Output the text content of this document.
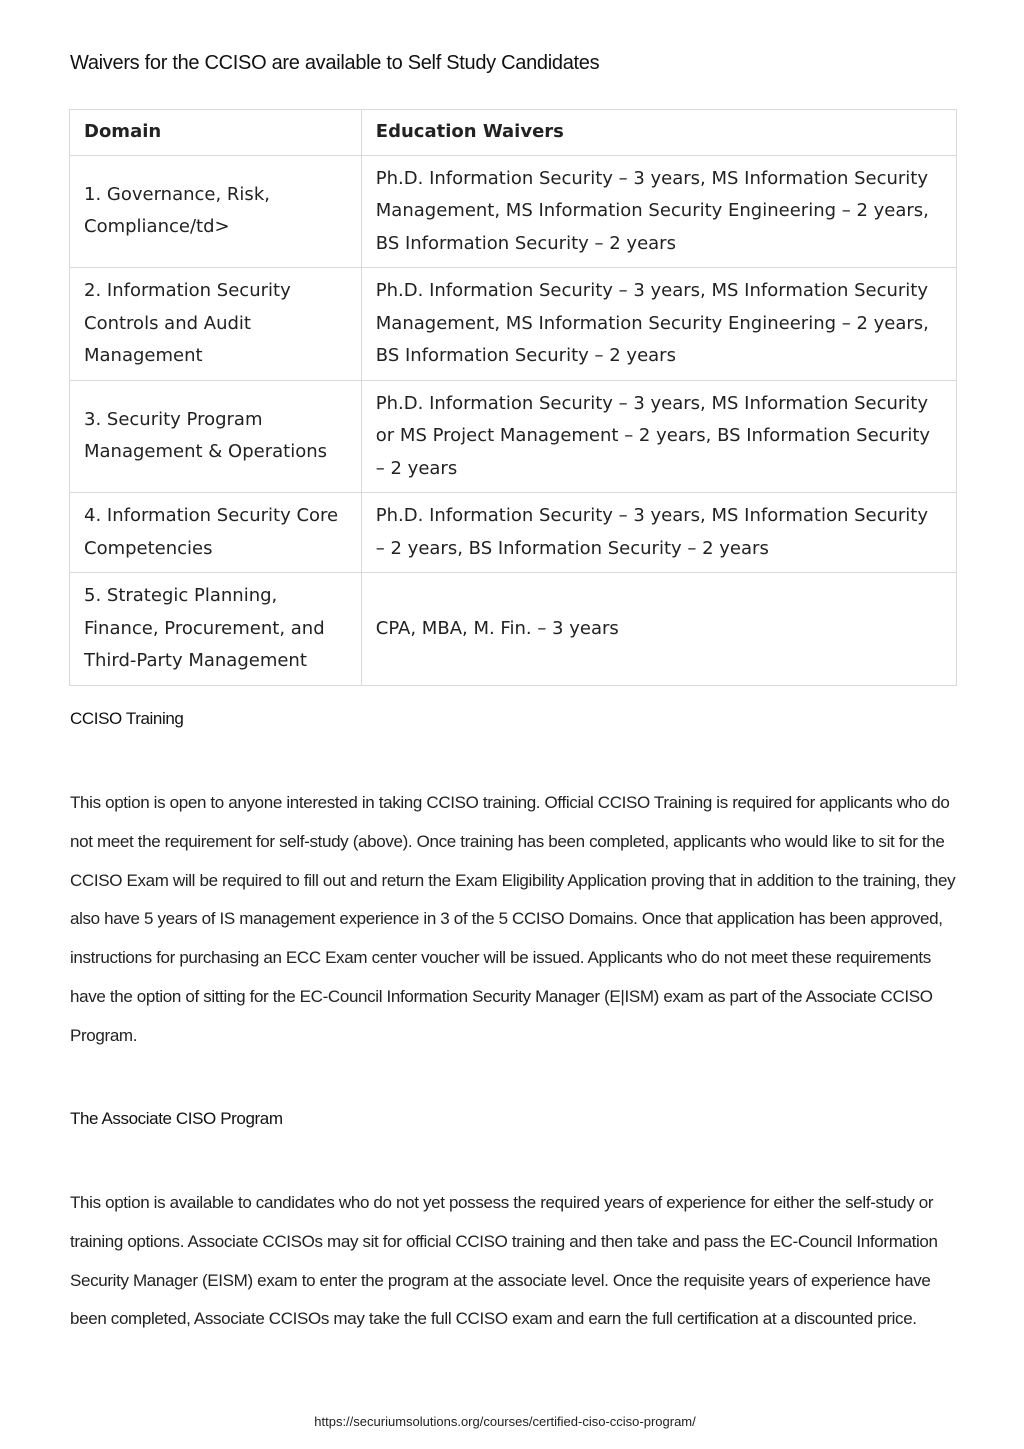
Waivers for the CCISO are available to Self Study Candidates
Domain	Education Waivers
1. Governance, Risk, Compliance/td>	Ph.D. Information Security – 3 years, MS Information Security Management, MS Information Security Engineering – 2 years, BS Information Security – 2 years
2. Information Security Controls and Audit Management	Ph.D. Information Security – 3 years, MS Information Security Management, MS Information Security Engineering – 2 years, BS Information Security – 2 years
3. Security Program Management & Operations	Ph.D. Information Security – 3 years, MS Information Security or MS Project Management – 2 years, BS Information Security – 2 years
4. Information Security Core Competencies	Ph.D. Information Security – 3 years, MS Information Security – 2 years, BS Information Security – 2 years
5. Strategic Planning, Finance, Procurement, and Third-Party Management	CPA, MBA, M. Fin. – 3 years
CCISO Training

This option is open to anyone interested in taking CCISO training. Official CCISO Training is required for applicants who do not meet the requirement for self-study (above). Once training has been completed, applicants who would like to sit for the CCISO Exam will be required to fill out and return the Exam Eligibility Application proving that in addition to the training, they also have 5 years of IS management experience in 3 of the 5 CCISO Domains. Once that application has been approved, instructions for purchasing an ECC Exam center voucher will be issued. Applicants who do not meet these requirements have the option of sitting for the EC-Council Information Security Manager (E|ISM) exam as part of the Associate CCISO Program.

The Associate CISO Program

This option is available to candidates who do not yet possess the required years of experience for either the self-study or training options. Associate CCISOs may sit for official CCISO training and then take and pass the EC-Council Information Security Manager (EISM) exam to enter the program at the associate level. Once the requisite years of experience have been completed, Associate CCISOs may take the full CCISO exam and earn the full certification at a discounted price.

https://securiumsolutions.org/courses/certified-ciso-cciso-program/
